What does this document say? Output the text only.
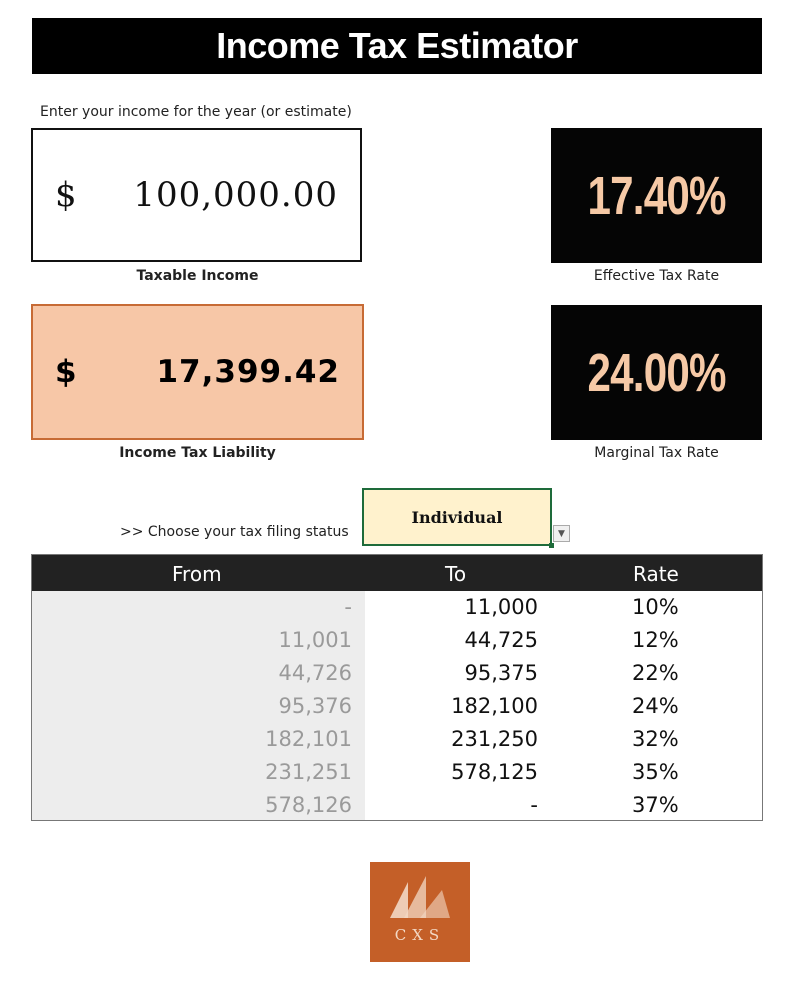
Income Tax Estimator
Enter your income for the year (or estimate)
$ 100,000.00
Taxable Income
17.40%
Effective Tax Rate
$	17,399.42
Income Tax Liability
24.00%
Marginal Tax Rate
>> Choose your tax filing status
Individual
▼
From	To	Rate
-	11,000	10%
11,001	44,725	12%
44,726	95,375	22%
95,376	182,100	24%
182,101	231,250	32%
231,251	578,125	35%
578,126	-	37%
CXS
